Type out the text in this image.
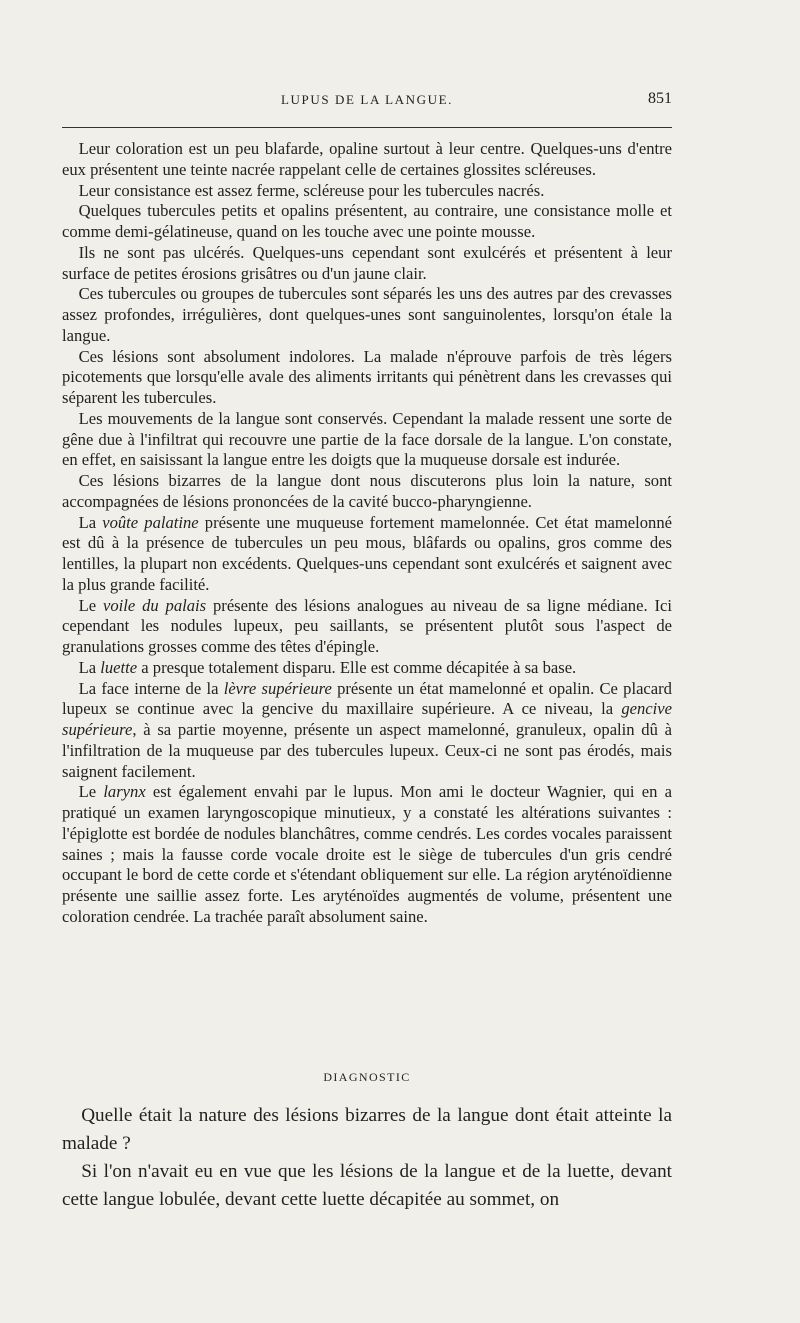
LUPUS DE LA LANGUE.	851

Leur coloration est un peu blafarde, opaline surtout à leur centre. Quelques-uns d'entre eux présentent une teinte nacrée rappelant celle de certaines glossites scléreuses.

Leur consistance est assez ferme, scléreuse pour les tubercules nacrés.

Quelques tubercules petits et opalins présentent, au contraire, une consistance molle et comme demi-gélatineuse, quand on les touche avec une pointe mousse.

Ils ne sont pas ulcérés. Quelques-uns cependant sont exulcérés et présentent à leur surface de petites érosions grisâtres ou d'un jaune clair.

Ces tubercules ou groupes de tubercules sont séparés les uns des autres par des crevasses assez profondes, irrégulières, dont quelques-unes sont sanguinolentes, lorsqu'on étale la langue.

Ces lésions sont absolument indolores. La malade n'éprouve parfois de très légers picotements que lorsqu'elle avale des aliments irritants qui pénètrent dans les crevasses qui séparent les tubercules.

Les mouvements de la langue sont conservés. Cependant la malade ressent une sorte de gêne due à l'infiltrat qui recouvre une partie de la face dorsale de la langue. L'on constate, en effet, en saisissant la langue entre les doigts que la muqueuse dorsale est indurée.

Ces lésions bizarres de la langue dont nous discuterons plus loin la nature, sont accompagnées de lésions prononcées de la cavité bucco-pharyngienne.

La voûte palatine présente une muqueuse fortement mamelonnée. Cet état mamelonné est dû à la présence de tubercules un peu mous, blâfards ou opalins, gros comme des lentilles, la plupart non excédents. Quelques-uns cependant sont exulcérés et saignent avec la plus grande facilité.

Le voile du palais présente des lésions analogues au niveau de sa ligne médiane. Ici cependant les nodules lupeux, peu saillants, se présentent plutôt sous l'aspect de granulations grosses comme des têtes d'épingle.

La luette a presque totalement disparu. Elle est comme décapitée à sa base.

La face interne de la lèvre supérieure présente un état mamelonné et opalin. Ce placard lupeux se continue avec la gencive du maxillaire supérieure. A ce niveau, la gencive supérieure, à sa partie moyenne, présente un aspect mamelonné, granuleux, opalin dû à l'infiltration de la muqueuse par des tubercules lupeux. Ceux-ci ne sont pas érodés, mais saignent facilement.

Le larynx est également envahi par le lupus. Mon ami le docteur Wagnier, qui en a pratiqué un examen laryngoscopique minutieux, y a constaté les altérations suivantes : l'épiglotte est bordée de nodules blanchâtres, comme cendrés. Les cordes vocales paraissent saines ; mais la fausse corde vocale droite est le siège de tubercules d'un gris cendré occupant le bord de cette corde et s'étendant obliquement sur elle. La région aryténoïdienne présente une saillie assez forte. Les aryténoïdes augmentés de volume, présentent une coloration cendrée. La trachée paraît absolument saine.

DIAGNOSTIC

Quelle était la nature des lésions bizarres de la langue dont était atteinte la malade ?

Si l'on n'avait eu en vue que les lésions de la langue et de la luette, devant cette langue lobulée, devant cette luette décapitée au sommet, on
